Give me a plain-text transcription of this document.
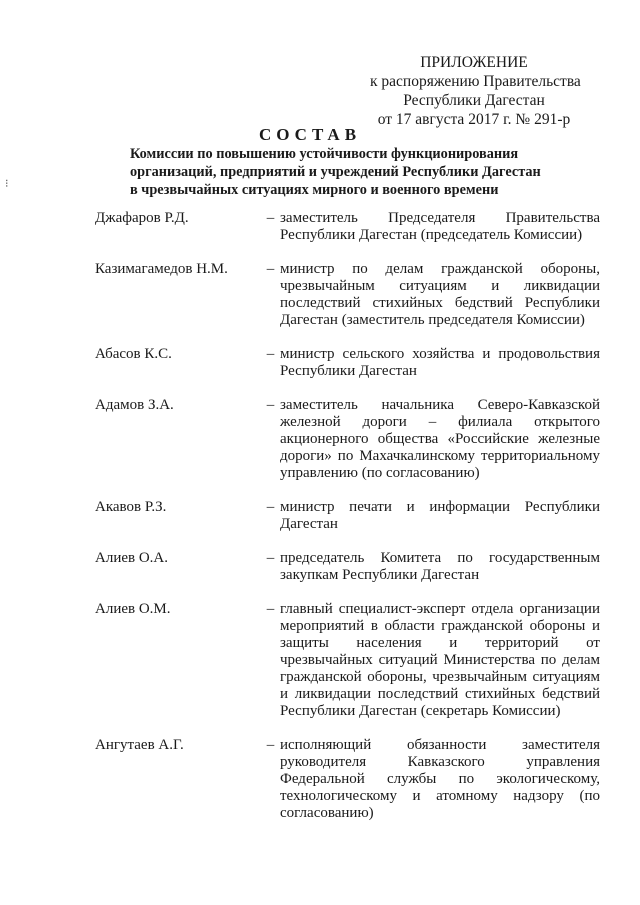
⁝
ПРИЛОЖЕНИЕ
к распоряжению Правительства
Республики Дагестан
от 17 августа 2017 г. № 291-р
СОСТАВ
Комиссии по повышению устойчивости функционирования
организаций, предприятий и учреждений Республики Дагестан
в чрезвычайных ситуациях мирного и военного времени
Джафаров Р.Д.	– заместитель Председателя Правительства Республики Дагестан (председатель Комиссии)
Казимагамедов Н.М.	– министр по делам гражданской обороны, чрезвычайным ситуациям и ликвидации последствий стихийных бедствий Республики Дагестан (заместитель председателя Комиссии)
Абасов К.С.	– министр сельского хозяйства и продовольствия Республики Дагестан
Адамов З.А.	– заместитель начальника Северо-Кавказской железной дороги – филиала открытого акционерного общества «Российские железные дороги» по Махачкалинскому территориальному управлению (по согласованию)
Акавов Р.З.	– министр печати и информации Республики Дагестан
Алиев О.А.	– председатель Комитета по государственным закупкам Республики Дагестан
Алиев О.М.	– главный специалист-эксперт отдела организации мероприятий в области гражданской обороны и защиты населения и территорий от чрезвычайных ситуаций Министерства по делам гражданской обороны, чрезвычайным ситуациям и ликвидации последствий стихийных бедствий Республики Дагестан (секретарь Комиссии)
Ангутаев А.Г.	– исполняющий обязанности заместителя руководителя Кавказского управления Федеральной службы по экологическому, технологическому и атомному надзору (по согласованию)
